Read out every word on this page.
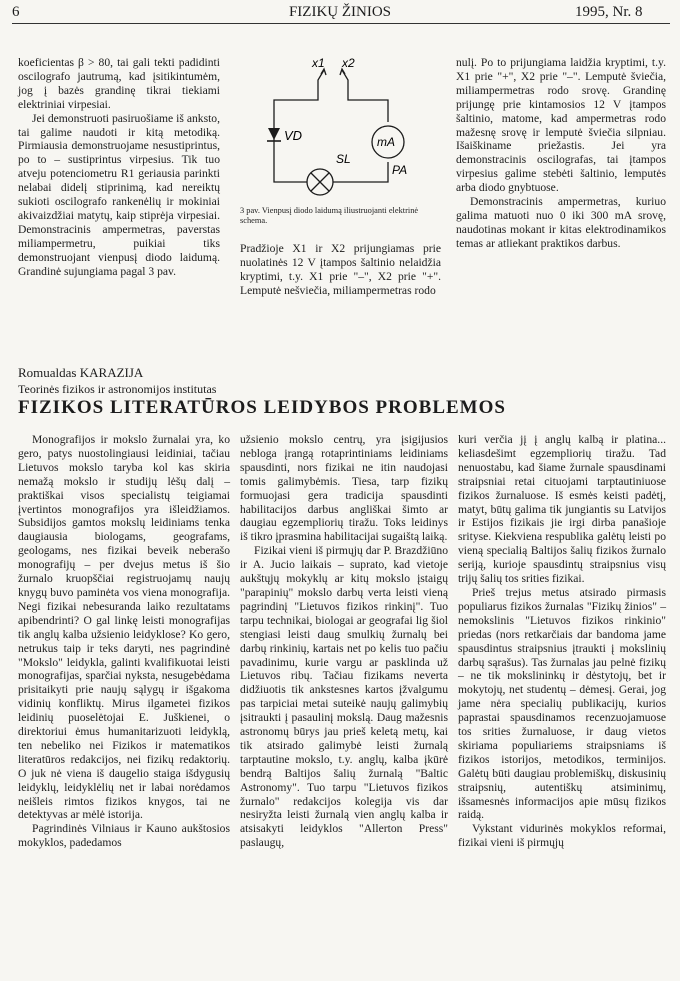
6	FIZIKŲ ŽINIOS	1995, Nr. 8

koeficientas β > 80, tai gali tekti padidinti oscilografo jautrumą, kad įsitikintumėm, jog į bazės grandinę tikrai tiekiami elektriniai virpesiai.

Jei demonstruoti pasiruošiame iš anksto, tai galime naudoti ir kitą metodiką. Pirmiausia demonstruojame nesustiprintus, po to – sustiprintus virpesius. Tik tuo atveju potenciometru R1 geriausia parinkti nelabai didelį stiprinimą, kad nereiktų sukioti oscilografo rankenėlių ir mokiniai akivaizdžiai matytų, kaip stiprėja virpesiai. Demonstracinis ampermetras, paverstas miliampermetru, puikiai tiks demonstruojant vienpusį diodo laidumą. Grandinė sujungiama pagal 3 pav.

x1 x2
VD	mA
SL
PA
3 pav. Vienpusį diodo laidumą iliustruojanti elektrinė schema.

Pradžioje X1 ir X2 prijungiamas prie nuolatinės 12 V įtampos šaltinio nelaidžia kryptimi, t.y. X1 prie "–", X2 prie "+". Lemputė nešviečia, miliampermetras rodo

nulį. Po to prijungiama laidžia kryptimi, t.y. X1 prie "+", X2 prie "–". Lemputė šviečia, miliampermetras rodo srovę. Grandinę prijungę prie kintamosios 12 V įtampos šaltinio, matome, kad ampermetras rodo mažesnę srovę ir lemputė šviečia silpniau. Išaiškiname priežastis. Jei yra demonstracinis oscilografas, tai įtampos virpesius galime stebėti šaltinio, lemputės arba diodo gnybtuose.

Demonstracinis ampermetras, kuriuo galima matuoti nuo 0 iki 300 mA srovę, naudotinas mokant ir kitas elektrodinamikos temas ar atliekant praktikos darbus.

Romualdas KARAZIJA
Teorinės fizikos ir astronomijos institutas
FIZIKOS LITERATŪROS LEIDYBOS PROBLEMOS

Monografijos ir mokslo žurnalai yra, ko gero, patys nuostolingiausi leidiniai, tačiau Lietuvos mokslo taryba kol kas skiria nemažą mokslo ir studijų lėšų dalį – praktiškai visos specialistų teigiamai įvertintos monografijos yra išleidžiamos. Subsidijos gamtos mokslų leidiniams tenka daugiausia biologams, geografams, geologams, nes fizikai beveik neberašo monografijų – per dvejus metus iš šio žurnalo kruopščiai registruojamų naujų knygų buvo paminėta vos viena monografija. Negi fizikai nebesuranda laiko rezultatams apibendrinti? O gal linkę leisti monografijas tik anglų kalba užsienio leidyklose? Ko gero, netrukus taip ir teks daryti, nes pagrindinė "Mokslo" leidykla, galinti kvalifikuotai leisti monografijas, sparčiai nyksta, nesugebėdama prisitaikyti prie naujų sąlygų ir išgakoma vidinių konfliktų. Mirus ilgametei fizikos leidinių puoselėtojai E. Juškienei, o direktoriui ėmus humanitarizuoti leidyklą, ten nebeliko nei Fizikos ir matematikos literatūros redakcijos, nei fizikų redaktorių. O juk nė viena iš daugelio staiga išdygusių leidyklų, leidyklėlių net ir labai norėdamos neišleis rimtos fizikos knygos, tai ne detektyvas ar mėlė istorija.

Pagrindinės Vilniaus ir Kauno aukštosios mokyklos, padedamos

užsienio mokslo centrų, yra įsigijusios nebloga įrangą rotaprintiniams leidiniams spausdinti, nors fizikai ne itin naudojasi tomis galimybėmis. Tiesa, tarp fizikų formuojasi gera tradicija spausdinti habilitacijos darbus angliškai šimto ar daugiau egzempliorių tiražu. Toks leidinys iš tikro įprasmina habilitacijai sugaištą laiką.

Fizikai vieni iš pirmųjų dar P. Brazdžiūno ir A. Jucio laikais – suprato, kad vietoje aukštųjų mokyklų ar kitų mokslo įstaigų "parapinių" mokslo darbų verta leisti vieną pagrindinį "Lietuvos fizikos rinkinį". Tuo tarpu technikai, biologai ar geografai lig šiol stengiasi leisti daug smulkių žurnalų bei darbų rinkinių, kartais net po kelis tuo pačiu pavadinimu, kurie vargu ar pasklinda už Lietuvos ribų. Tačiau fizikams neverta didžiuotis tik ankstesnes kartos įžvalgumu pas tarpiciai metai suteikė naujų galimybių įsitraukti į pasaulinį mokslą. Daug mažesnis astronomų būrys jau prieš keletą metų, kai tik atsirado galimybė leisti žurnalą tarptautine mokslo, t.y. anglų, kalba įkūrė bendrą Baltijos šalių žurnalą "Baltic Astronomy". Tuo tarpu "Lietuvos fizikos žurnalo" redakcijos kolegija vis dar nesiryžta leisti žurnalą vien anglų kalba ir atsisakyti leidyklos "Allerton Press" paslaugų,

kuri verčia jį į anglų kalbą ir platina... keliasdešimt egzempliorių tiražu. Tad nenuostabu, kad šiame žurnale spausdinami straipsniai retai cituojami tarptautiniuose fizikos žurnaluose. Iš esmės keisti padėtį, matyt, būtų galima tik jungiantis su Latvijos ir Estijos fizikais jie irgi dirba panašioje srityse. Kiekviena respublika galėtų leisti po vieną specialią Baltijos šalių fizikos žurnalo seriją, kurioje spausdintų straipsnius visų trijų šalių tos srities fizikai.

Prieš trejus metus atsirado pirmasis populiarus fizikos žurnalas "Fizikų žinios" – nemokslinis "Lietuvos fizikos rinkinio" priedas (nors retkarčiais dar bandoma jame spausdintus straipsnius įtraukti į mokslinių darbų sąrašus). Tas žurnalas jau pelnė fizikų – ne tik mokslininkų ir dėstytojų, bet ir mokytojų, net studentų – dėmesį. Gerai, jog jame nėra specialių publikacijų, kurios paprastai spausdinamos recenzuojamuose tos srities žurnaluose, ir daug vietos skiriama populiariems straipsniams iš fizikos istorijos, metodikos, terminijos. Galėtų būti daugiau problemiškų, diskusinių straipsnių, autentiškų atsiminimų, išsamesnės informacijos apie mūsų fizikos raidą.

Vykstant vidurinės mokyklos reformai, fizikai vieni iš pirmųjų
